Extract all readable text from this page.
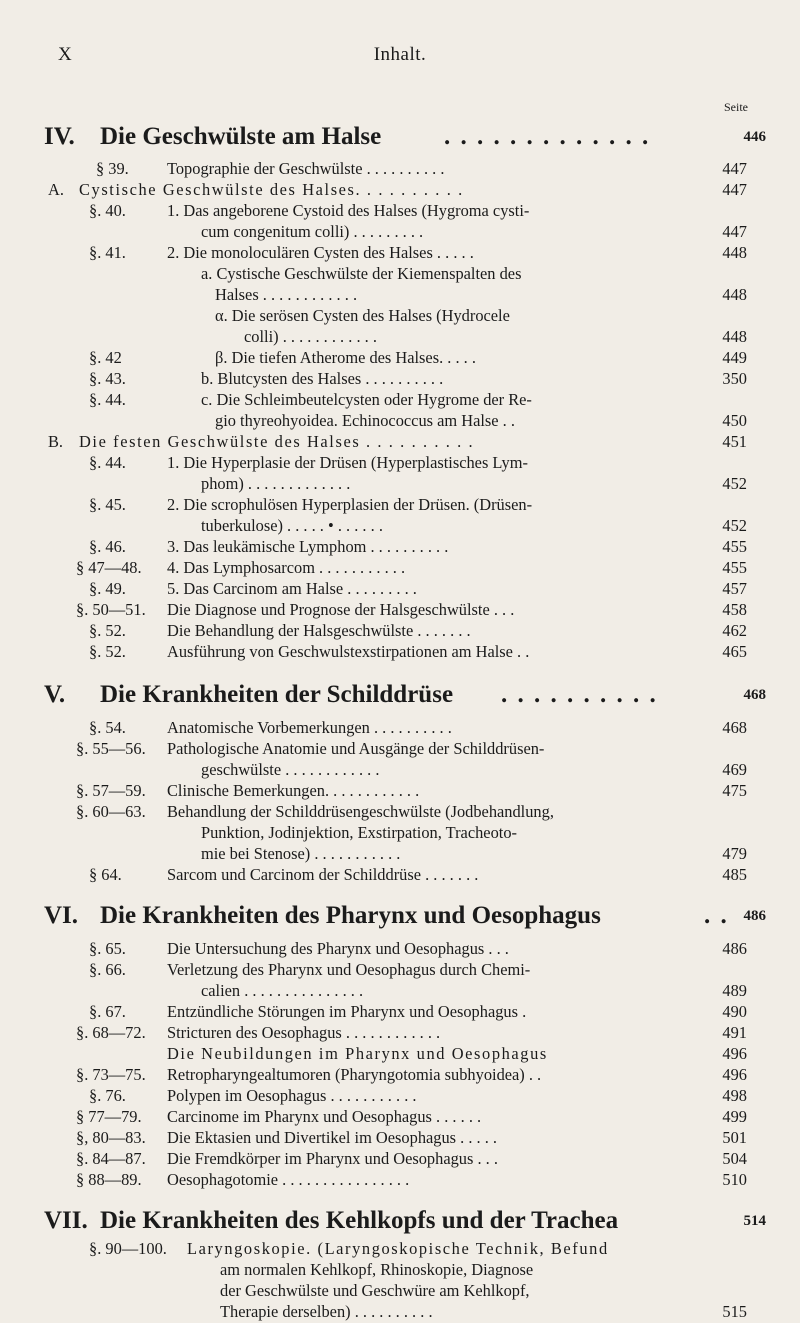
X	Inhalt.
Seite
IV. Die Geschwülste am Halse	. . . . . . . . . . . . .	446
§ 39. Topographie der Geschwülste . . . . . . . . . .	447
A. Cystische Geschwülste des Halses. . . . . . . . . .	447
§. 40.	1. Das angeborene Cystoid des Halses (Hygroma cysti-
cum congenitum colli) . . . . . . . . .	447
§. 41.	2. Die monoloculären Cysten des Halses . . . . .	448
a. Cystische Geschwülste der Kiemenspalten des
Halses . . . . . . . . . . . .	448
α. Die serösen Cysten des Halses (Hydrocele
colli) . . . . . . . . . . . .	448
§. 42	β. Die tiefen Atherome des Halses. . . . .	449
§. 43.	b. Blutcysten des Halses . . . . . . . . . .	350
§. 44.	c. Die Schleimbeutelcysten oder Hygrome der Re-
gio thyreohyoidea. Echinococcus am Halse . .	450
B. Die festen Geschwülste des Halses . . . . . . . . . .	451
§. 44.	1. Die Hyperplasie der Drüsen (Hyperplastisches Lym-
phom) . . . . . . . . . . . . .	452
§. 45.	2. Die scrophulösen Hyperplasien der Drüsen. (Drüsen-
tuberkulose) . . . . . • . . . . . .	452
§. 46.	3. Das leukämische Lymphom . . . . . . . . . .	455
§ 47—48. 4. Das Lymphosarcom . . . . . . . . . . .	455
§. 49.	5. Das Carcinom am Halse . . . . . . . . .	457
§. 50—51. Die Diagnose und Prognose der Halsgeschwülste . . .	458
§. 52.	Die Behandlung der Halsgeschwülste . . . . . . .	462
§. 52.	Ausführung von Geschwulstexstirpationen am Halse . .	465
V. Die Krankheiten der Schilddrüse . . . . . . . . . .	468
§. 54.	Anatomische Vorbemerkungen . . . . . . . . . .	468
§. 55—56. Pathologische Anatomie und Ausgänge der Schilddrüsen-
geschwülste . . . . . . . . . . . .	469
§. 57—59. Clinische Bemerkungen. . . . . . . . . . . .	475
§. 60—63. Behandlung der Schilddrüsengeschwülste (Jodbehandlung,
Punktion, Jodinjektion, Exstirpation, Tracheoto-
mie bei Stenose) . . . . . . . . . . .	479
§ 64.	Sarcom und Carcinom der Schilddrüse . . . . . . .	485
VI. Die Krankheiten des Pharynx und Oesophagus	. . 486
§. 65.	Die Untersuchung des Pharynx und Oesophagus . . .	486
§. 66.	Verletzung des Pharynx und Oesophagus durch Chemi-
calien . . . . . . . . . . . . . . .	489
§. 67.	Entzündliche Störungen im Pharynx und Oesophagus .	490
§. 68—72. Stricturen des Oesophagus . . . . . . . . . . . .	491
Die Neubildungen im Pharynx und Oesophagus	496
§. 73—75. Retropharyngealtumoren (Pharyngotomia subhyoidea) . .	496
§. 76.	Polypen im Oesophagus . . . . . . . . . . .	498
§ 77—79. Carcinome im Pharynx und Oesophagus . . . . . .	499
§, 80—83. Die Ektasien und Divertikel im Oesophagus . . . . .	501
§. 84—87. Die Fremdkörper im Pharynx und Oesophagus . . .	504
§ 88—89. Oesophagotomie . . . . . . . . . . . . . . . .	510
VII. Die Krankheiten des Kehlkopfs und der Trachea	514
§. 90—100. Laryngoskopie. (Laryngoskopische Technik, Befund
am normalen Kehlkopf, Rhinoskopie, Diagnose
der Geschwülste und Geschwüre am Kehlkopf,
Therapie derselben) . . . . . . . . . .	515
